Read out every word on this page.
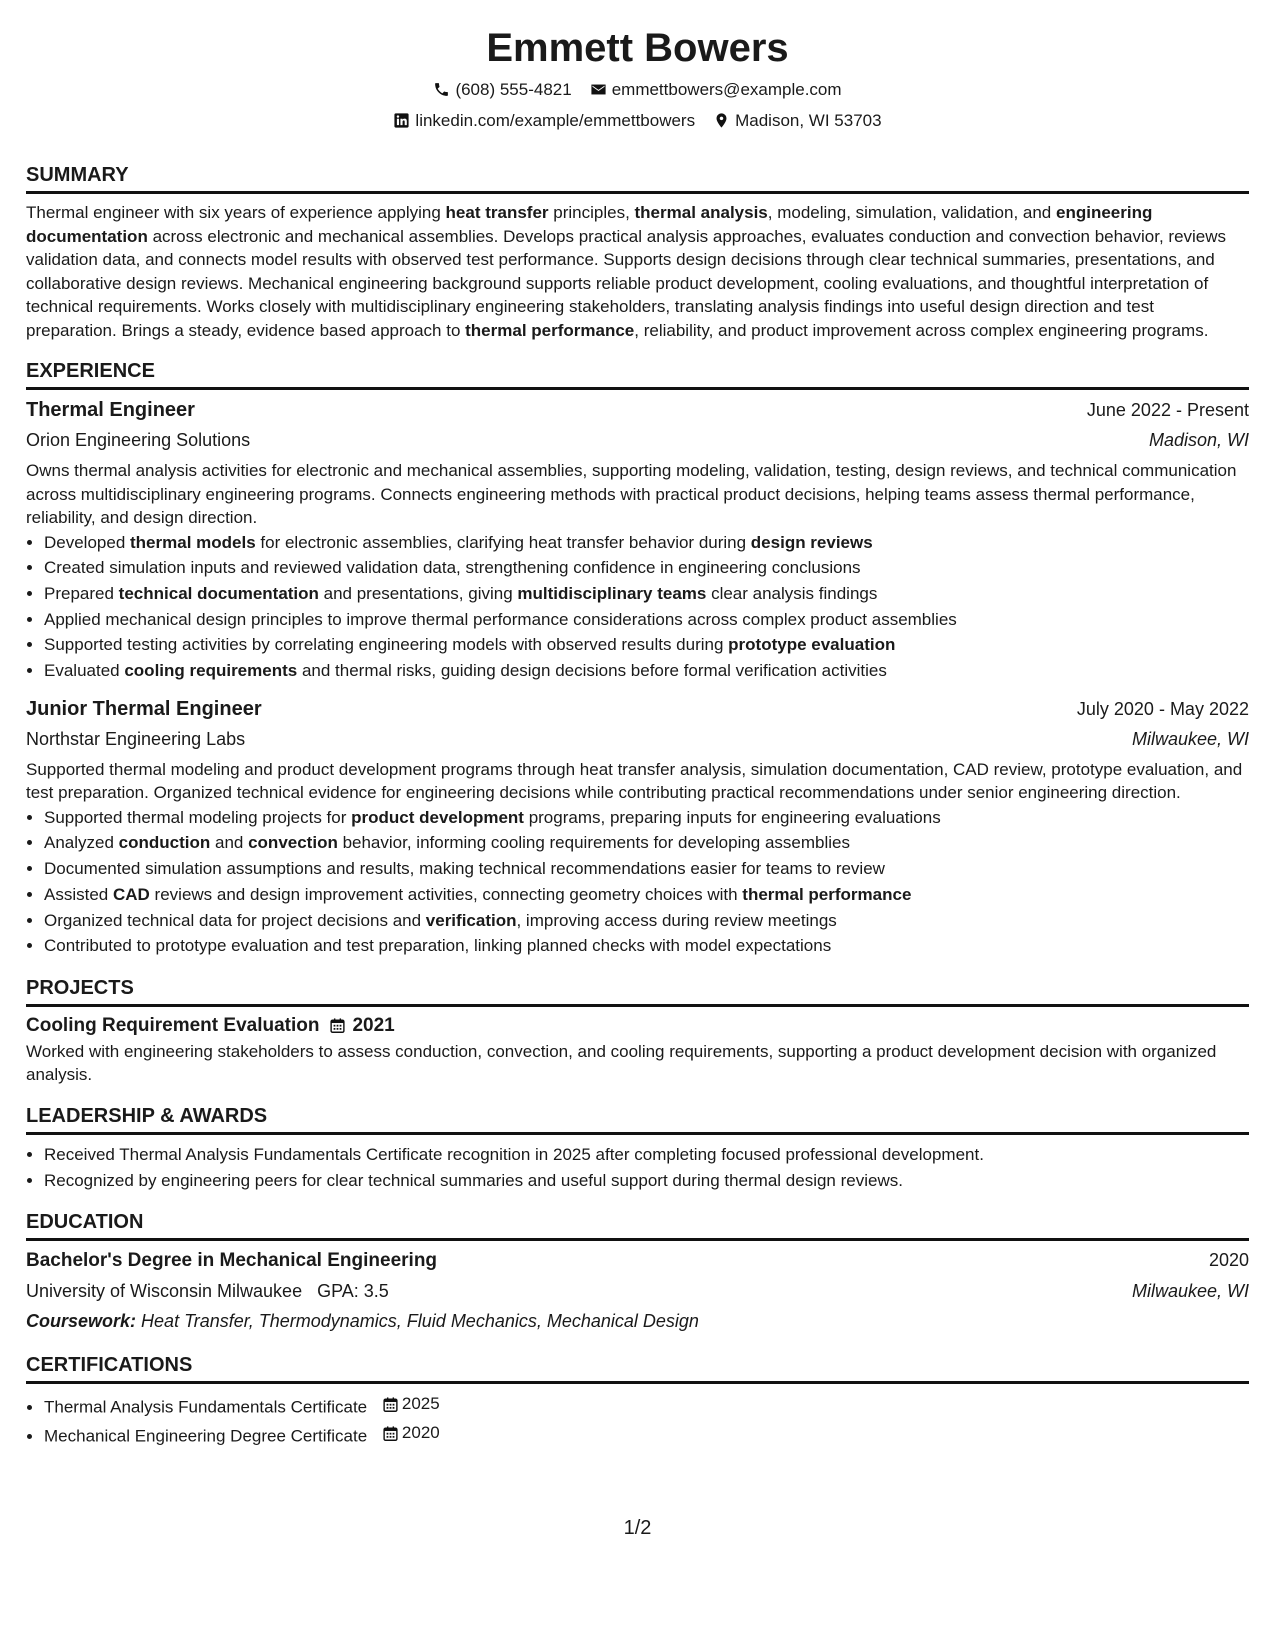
Emmett Bowers
(608) 555-4821 emmettbowers@example.com
linkedin.com/example/emmettbowers Madison, WI 53703
SUMMARY

Thermal engineer with six years of experience applying heat transfer principles, thermal analysis, modeling, simulation, validation, and engineering documentation across electronic and mechanical assemblies. Develops practical analysis approaches, evaluates conduction and convection behavior, reviews validation data, and connects model results with observed test performance. Supports design decisions through clear technical summaries, presentations, and collaborative design reviews. Mechanical engineering background supports reliable product development, cooling evaluations, and thoughtful interpretation of technical requirements. Works closely with multidisciplinary engineering stakeholders, translating analysis findings into useful design direction and test preparation. Brings a steady, evidence based approach to thermal performance, reliability, and product improvement across complex engineering programs.

EXPERIENCE
Thermal Engineer	June 2022 - Present
Orion Engineering Solutions	Madison, WI

Owns thermal analysis activities for electronic and mechanical assemblies, supporting modeling, validation, testing, design reviews, and technical communication across multidisciplinary engineering programs. Connects engineering methods with practical product decisions, helping teams assess thermal performance, reliability, and design direction.

• Developed thermal models for electronic assemblies, clarifying heat transfer behavior during design reviews
• Created simulation inputs and reviewed validation data, strengthening confidence in engineering conclusions
• Prepared technical documentation and presentations, giving multidisciplinary teams clear analysis findings
• Applied mechanical design principles to improve thermal performance considerations across complex product assemblies
• Supported testing activities by correlating engineering models with observed results during prototype evaluation
• Evaluated cooling requirements and thermal risks, guiding design decisions before formal verification activities
Junior Thermal Engineer	July 2020 - May 2022
Northstar Engineering Labs	Milwaukee, WI

Supported thermal modeling and product development programs through heat transfer analysis, simulation documentation, CAD review, prototype evaluation, and test preparation. Organized technical evidence for engineering decisions while contributing practical recommendations under senior engineering direction.

• Supported thermal modeling projects for product development programs, preparing inputs for engineering evaluations
• Analyzed conduction and convection behavior, informing cooling requirements for developing assemblies
• Documented simulation assumptions and results, making technical recommendations easier for teams to review
• Assisted CAD reviews and design improvement activities, connecting geometry choices with thermal performance
• Organized technical data for project decisions and verification, improving access during review meetings
• Contributed to prototype evaluation and test preparation, linking planned checks with model expectations
PROJECTS
Cooling Requirement Evaluation 2021

Worked with engineering stakeholders to assess conduction, convection, and cooling requirements, supporting a product development decision with organized analysis.

LEADERSHIP & AWARDS
• Received Thermal Analysis Fundamentals Certificate recognition in 2025 after completing focused professional development.
• Recognized by engineering peers for clear technical summaries and useful support during thermal design reviews.
EDUCATION
Bachelor's Degree in Mechanical Engineering	2020
University of Wisconsin Milwaukee GPA: 3.5	Milwaukee, WI
Coursework: Heat Transfer, Thermodynamics, Fluid Mechanics, Mechanical Design
CERTIFICATIONS
• Thermal Analysis Fundamentals Certificate 2025
• Mechanical Engineering Degree Certificate 2020
1/2
